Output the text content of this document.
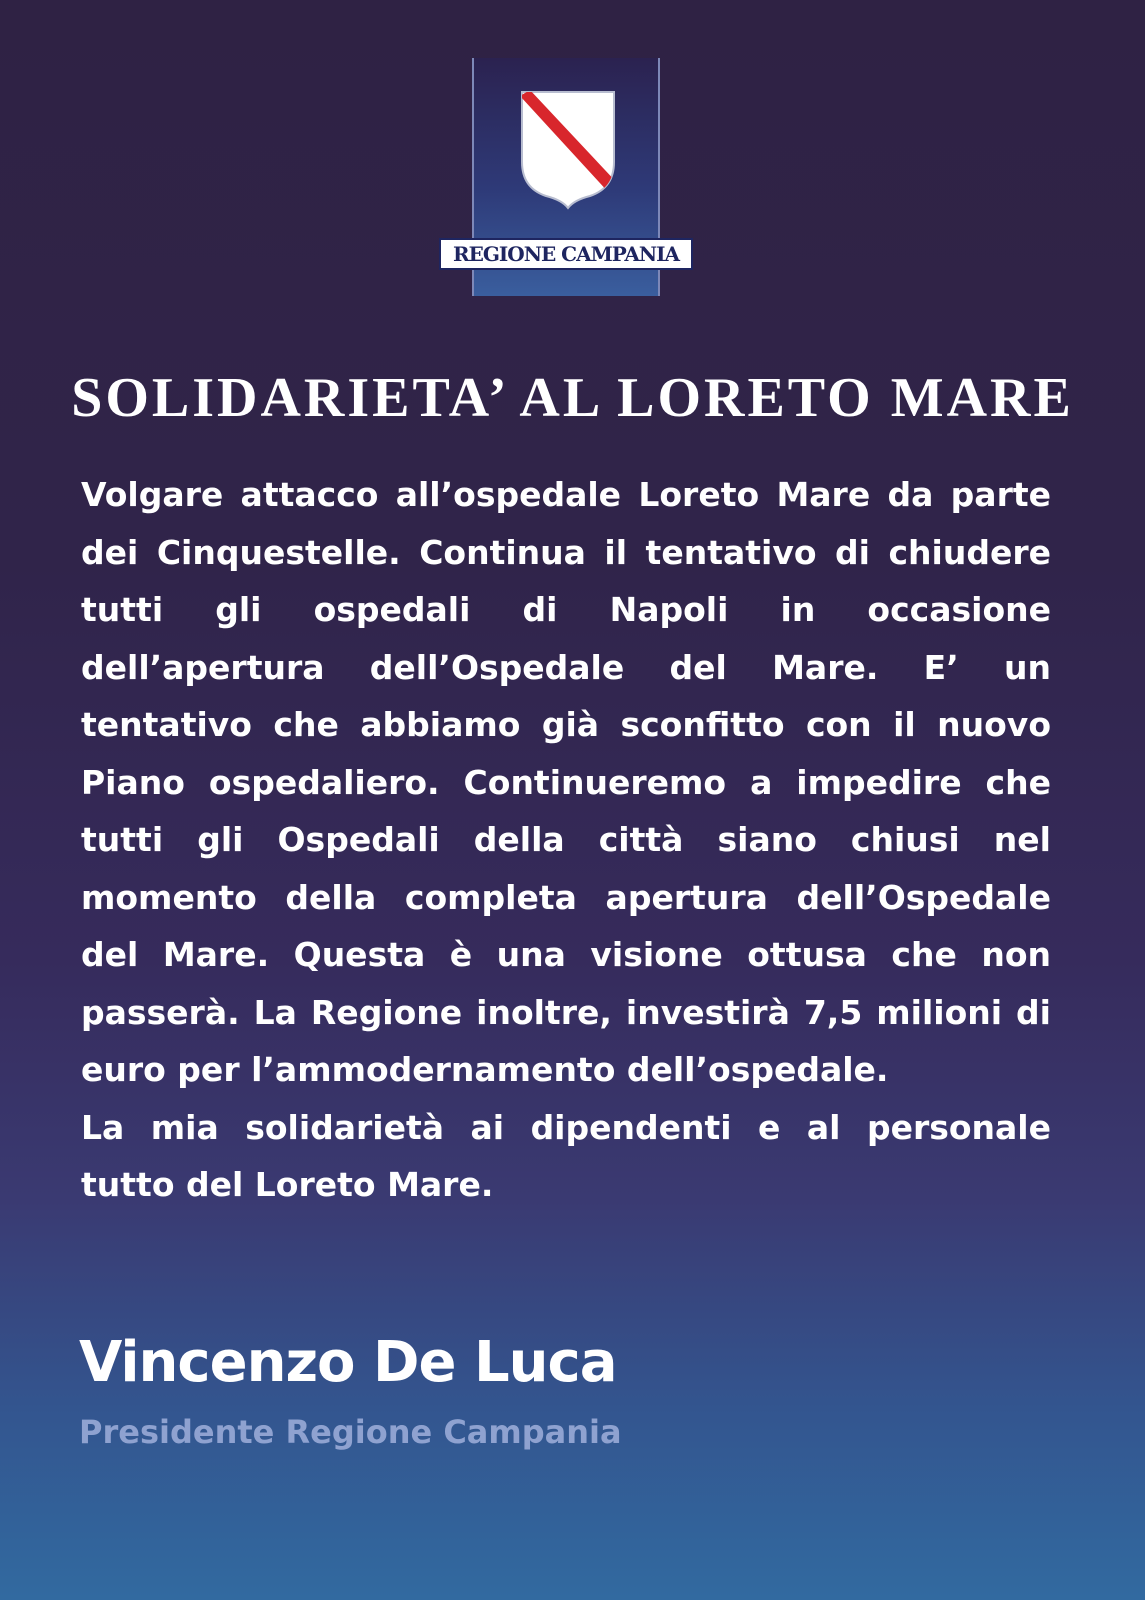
REGIONE CAMPANIA
SOLIDARIETA’ AL LORETO MARE

Volgare attacco all’ospedale Loreto Mare da parte dei Cinquestelle. Continua il tentativo di chiudere tutti gli ospedali di Napoli in occasione dell’apertura dell’Ospedale del Mare. E’ un tentativo che abbiamo già sconfitto con il nuovo Piano ospedaliero. Continueremo a impedire che tutti gli Ospedali della città siano chiusi nel momento della completa apertura dell’Ospedale del Mare. Questa è una visione ottusa che non passerà. La Regione inoltre, investirà 7,5 milioni di euro per l’ammodernamento dell’ospedale.

La mia solidarietà ai dipendenti e al personale tutto del Loreto Mare.

Vincenzo De Luca
Presidente Regione Campania
